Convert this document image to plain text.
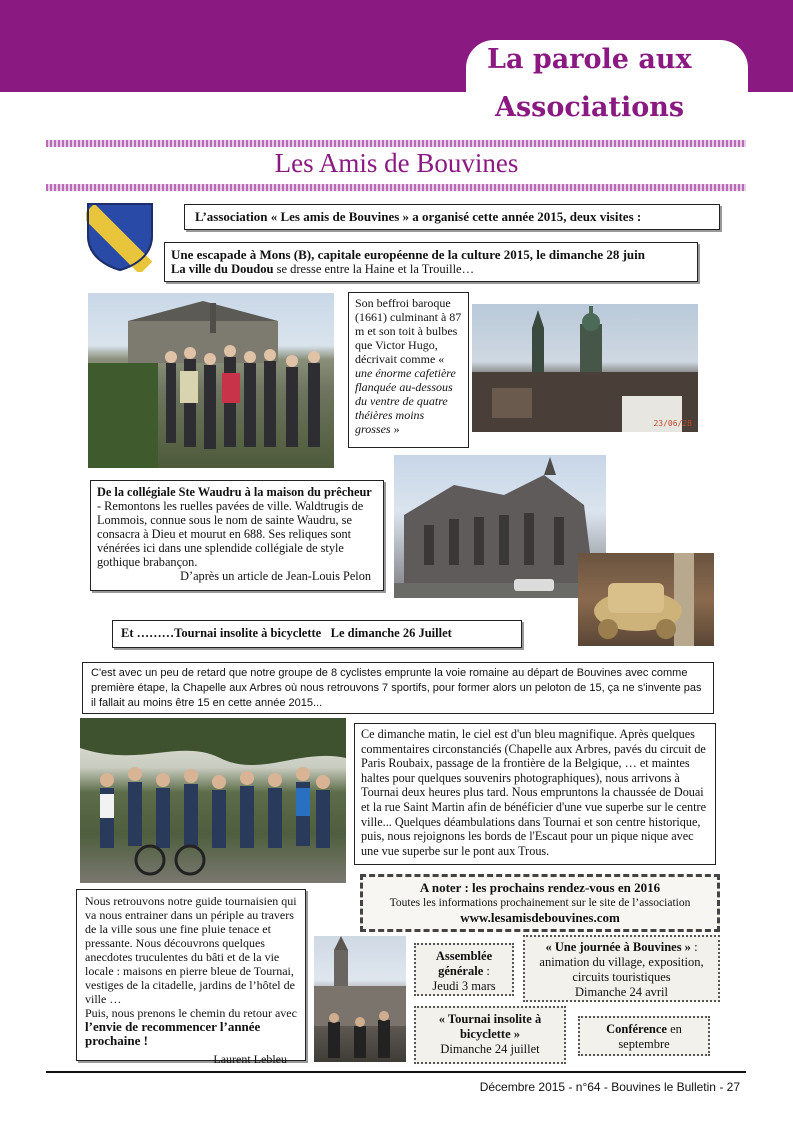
La parole aux
Associations
Les Amis de Bouvines
L’association « Les amis de Bouvines » a organisé cette année 2015, deux visites :
Une escapade à Mons (B), capitale européenne de la culture 2015, le dimanche 28 juin
La ville du Doudou se dresse entre la Haine et la Trouille…
Son beffroi baroque (1661) culminant à 87 m et son toit à bulbes que Victor Hugo, décrivait comme « une énorme cafetière flanquée au-dessous du ventre de quatre théières moins grosses »	23/06/28
De la collégiale Ste Waudru à la maison du prêcheur - Remontons les ruelles pavées de ville. Waldtrugis de Lommois, connue sous le nom de sainte Waudru, se consacra à Dieu et mourut en 688. Ses reliques sont vénérées ici dans une splendide collégiale de style gothique brabançon.
D’après un article de Jean-Louis Pelon
Et ………Tournai insolite à bicyclette Le dimanche 26 Juillet
C'est avec un peu de retard que notre groupe de 8 cyclistes emprunte la voie romaine au départ de Bouvines avec comme première étape, la Chapelle aux Arbres où nous retrouvons 7 sportifs, pour former alors un peloton de 15, ça ne s'invente pas il fallait au moins être 15 en cette année 2015...
Ce dimanche matin, le ciel est d'un bleu magnifique. Après quelques commentaires circonstanciés (Chapelle aux Arbres, pavés du circuit de Paris Roubaix, passage de la frontière de la Belgique, … et maintes haltes pour quelques souvenirs photographiques), nous arrivons à Tournai deux heures plus tard. Nous empruntons la chaussée de Douai et la rue Saint Martin afin de bénéficier d'une vue superbe sur le centre ville... Quelques déambulations dans Tournai et son centre historique, puis, nous rejoignons les bords de l'Escaut pour un pique nique avec une vue superbe sur le pont aux Trous.
Nous retrouvons notre guide tournaisien qui va nous entrainer dans un périple au travers de la ville sous une fine pluie tenace et pressante. Nous découvrons quelques anecdotes truculentes du bâti et de la vie locale : maisons en pierre bleue de Tournai, vestiges de la citadelle, jardins de l’hôtel de ville …
Puis, nous prenons le chemin du retour avec l’envie de recommencer l’année prochaine !
Laurent Lebleu
A noter : les prochains rendez-vous en 2016
Toutes les informations prochainement sur le site de l’association
www.lesamisdebouvines.com
Assemblée générale :
Jeudi 3 mars
« Une journée à Bouvines » :
animation du village, exposition, circuits touristiques
Dimanche 24 avril
« Tournai insolite à bicyclette »
Dimanche 24 juillet
Conférence en septembre
Décembre 2015 - n°64 - Bouvines le Bulletin - 27
